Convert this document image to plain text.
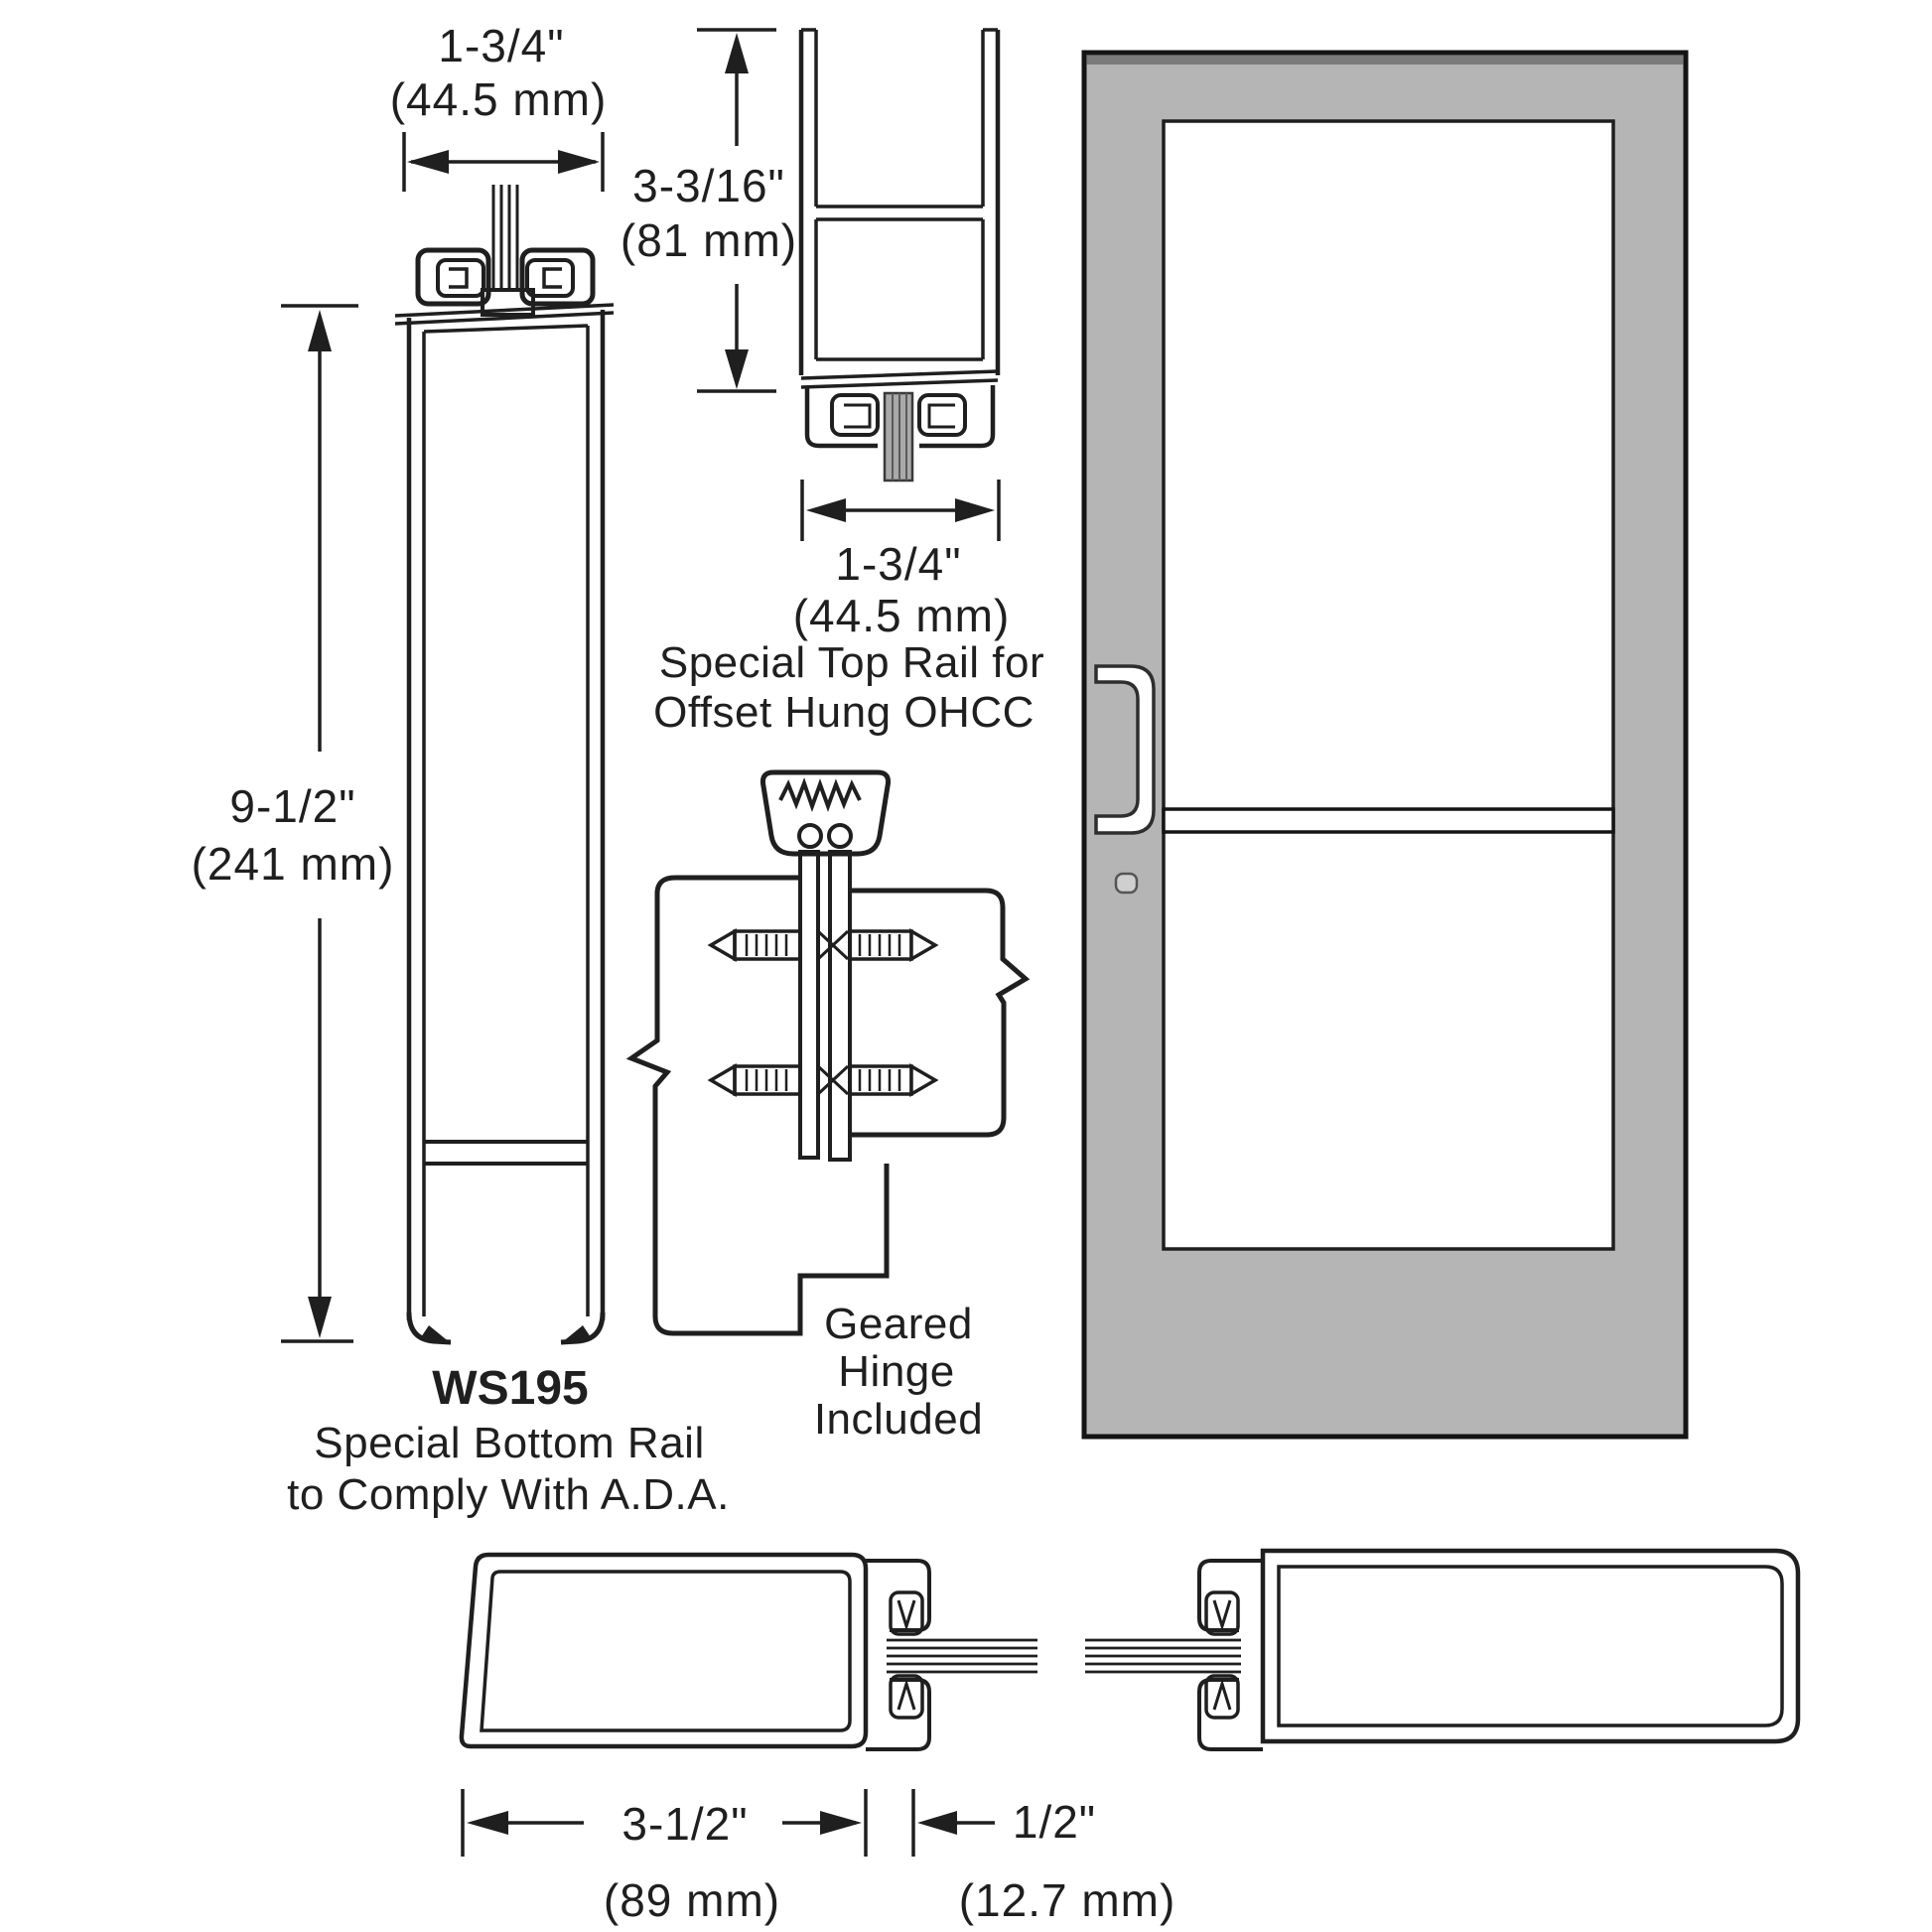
1-3/4"
(44.5 mm)
9-1/2"
(241 mm)
WS195
Special Bottom Rail
to Comply With A.D.A.
3-3/16"
(81 mm)
1-3/4"
(44.5 mm)
Special Top Rail for
Offset Hung OHCC
Geared
Hinge
Included
3-1/2"
(89 mm)
1/2"
(12.7 mm)
